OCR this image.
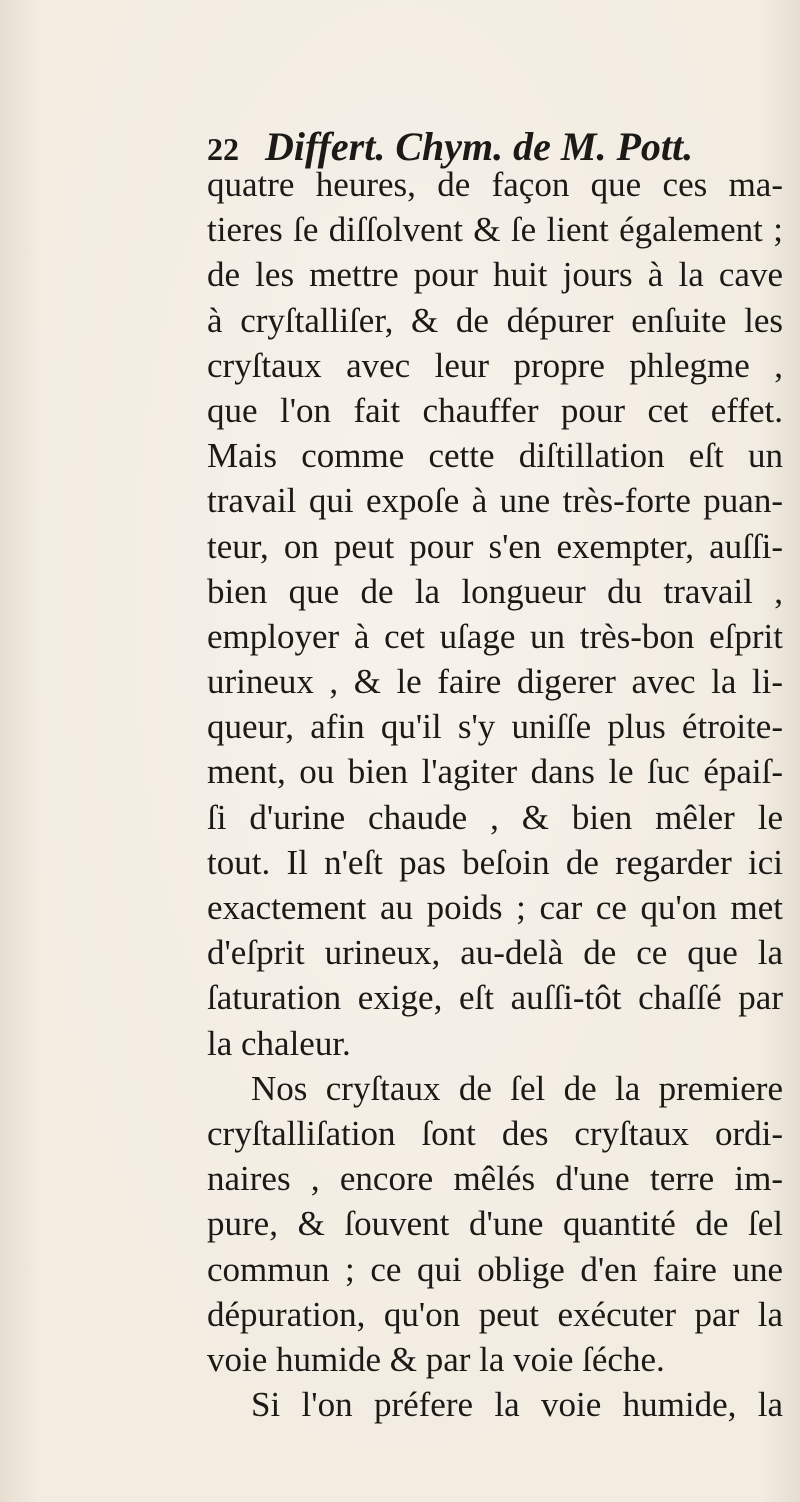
22 Differt. Chym. de M. Pott.
quatre heures, de façon que ces ma-
tieres ſe diſſolvent & ſe lient également ;
de les mettre pour huit jours à la cave
à cryſtalliſer, & de dépurer enſuite les
cryſtaux avec leur propre phlegme ,
que l'on fait chauffer pour cet effet.
Mais comme cette diſtillation eſt un
travail qui expoſe à une très-forte puan-
teur, on peut pour s'en exempter, auſſi-
bien que de la longueur du travail ,
employer à cet uſage un très-bon eſprit
urineux , & le faire digerer avec la li-
queur, afin qu'il s'y uniſſe plus étroite-
ment, ou bien l'agiter dans le ſuc épaiſ-
ſi d'urine chaude , & bien mêler le
tout. Il n'eſt pas beſoin de regarder ici
exactement au poids ; car ce qu'on met
d'eſprit urineux, au-delà de ce que la
ſaturation exige, eſt auſſi-tôt chaſſé par
la chaleur.
Nos cryſtaux de ſel de la premiere
cryſtalliſation ſont des cryſtaux ordi-
naires , encore mêlés d'une terre im-
pure, & ſouvent d'une quantité de ſel
commun ; ce qui oblige d'en faire une
dépuration, qu'on peut exécuter par la
voie humide & par la voie ſéche.
Si l'on préfere la voie humide, la
